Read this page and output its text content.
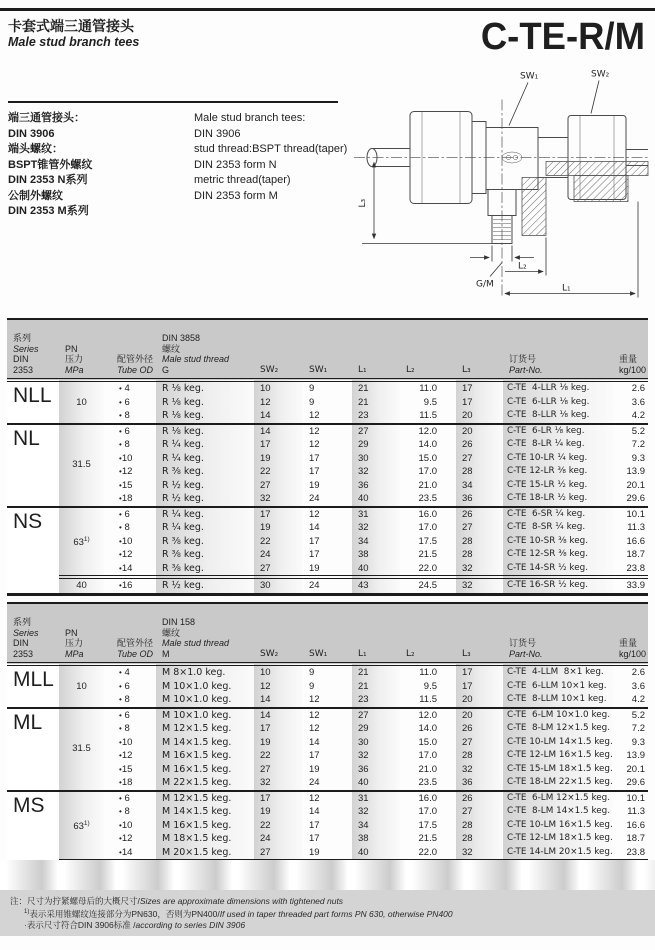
卡套式端三通管接头
Male stud branch tees	C-TE-R/M
端三通管接头：
DIN 3906
端头螺纹：
BSPT锥管外螺纹
DIN 2353 N系列
公制外螺纹
DIN 2353 M系列
Male stud branch tees:
DIN 3906
stud thread:BSPT thread(taper)
DIN 2353 form N
metric thread(taper)
DIN 2353 form M
SW₁	SW₂
L₃
G/M
L₂
L₁
系列
Series
DIN
2353

PN
压力
MPa

配管外径
Tube OD

DIN 3858
螺纹
Male stud thread
G	SW₂	SW₁	L₁	L₂	L₃

订货号
Part-No.

重量
kg/100

NLL	10	• 4	R ⅛ keg.	10	9	21	11.0	17	C-TE  4-LLR ⅛ keg.	2.6
		• 6	R ⅛ keg.	12	9	21	9.5	17	C-TE  6-LLR ⅛ keg.	3.6
		• 8	R ⅛ keg.	14	12	23	11.5	20	C-TE  8-LLR ⅛ keg.	4.2
NL	31.5	• 6	R ⅛ keg.	14	12	27	12.0	20	C-TE  6-LR ⅛ keg.	5.2
		• 8	R ¼ keg.	17	12	29	14.0	26	C-TE  8-LR ¼ keg.	7.2
		•10	R ¼ keg.	19	17	30	15.0	27	C-TE 10-LR ¼ keg.	9.3
		•12	R ⅜ keg.	22	17	32	17.0	28	C-TE 12-LR ⅜ keg.	13.9
		•15	R ½ keg.	27	19	36	21.0	34	C-TE 15-LR ½ keg.	20.1
		•18	R ½ keg.	32	24	40	23.5	36	C-TE 18-LR ½ keg.	29.6
NS	63$^{1)}$	• 6	R ¼ keg.	17	12	31	16.0	26	C-TE  6-SR ¼ keg.	10.1
		• 8	R ¼ keg.	19	14	32	17.0	27	C-TE  8-SR ¼ keg.	11.3
		•10	R ⅜ keg.	22	17	34	17.5	28	C-TE 10-SR ⅜ keg.	16.6
		•12	R ⅜ keg.	24	17	38	21.5	28	C-TE 12-SR ⅜ keg.	18.7
		•14	R ⅜ keg.	27	19	40	22.0	32	C-TE 14-SR ½ keg.	23.8
	40	•16	R ½ keg.	30	24	43	24.5	32	C-TE 16-SR ½ keg.	33.9
系列
Series
DIN
2353

PN
压力
MPa

配管外径
Tube OD

DIN 158
螺纹
Male stud thread
M	SW₂	SW₁	L₁	L₂	L₃

订货号
Part-No.

重量
kg/100

MLL	10	• 4	M 8×1.0 keg.	10	9	21	11.0	17	C-TE  4-LLM  8×1 keg.	2.6
		• 6	M 10×1.0 keg.	12	9	21	9.5	17	C-TE  6-LLM 10×1 keg.	3.6
		• 8	M 10×1.0 keg.	14	12	23	11.5	20	C-TE  8-LLM 10×1 keg.	4.2
ML	31.5	• 6	M 10×1.0 keg.	14	12	27	12.0	20	C-TE  6-LM 10×1.0 keg.	5.2
		• 8	M 12×1.5 keg.	17	12	29	14.0	26	C-TE  8-LM 12×1.5 keg.	7.2
		•10	M 14×1.5 keg.	19	14	30	15.0	27	C-TE 10-LM 14×1.5 keg.	9.3
		•12	M 16×1.5 keg.	22	17	32	17.0	28	C-TE 12-LM 16×1.5 keg.	13.9
		•15	M 16×1.5 keg.	27	19	36	21.0	32	C-TE 15-LM 18×1.5 keg.	20.1
		•18	M 22×1.5 keg.	32	24	40	23.5	36	C-TE 18-LM 22×1.5 keg.	29.6
MS	63$^{1)}$	• 6	M 12×1.5 keg.	17	12	31	16.0	26	C-TE  6-LM 12×1.5 keg.	10.1
		• 8	M 14×1.5 keg.	19	14	32	17.0	27	C-TE  8-LM 14×1.5 keg.	11.3
		•10	M 16×1.5 keg.	22	17	34	17.5	28	C-TE 10-LM 16×1.5 keg.	16.6
		•12	M 18×1.5 keg.	24	17	38	21.5	28	C-TE 12-LM 18×1.5 keg.	18.7
		•14	M 20×1.5 keg.	27	19	40	22.0	32	C-TE 14-LM 20×1.5 keg.	23.8

注：尺寸为拧紧螺母后的大概尺寸/Sizes are approximate dimensions with tightened nuts
$^{1)}$表示采用锥螺纹连接部分为PN630，否则为PN400/If used in taper threaded part forms PN 630, otherwise PN400
·表示尺寸符合DIN 3906标准 /according to series DIN 3906
